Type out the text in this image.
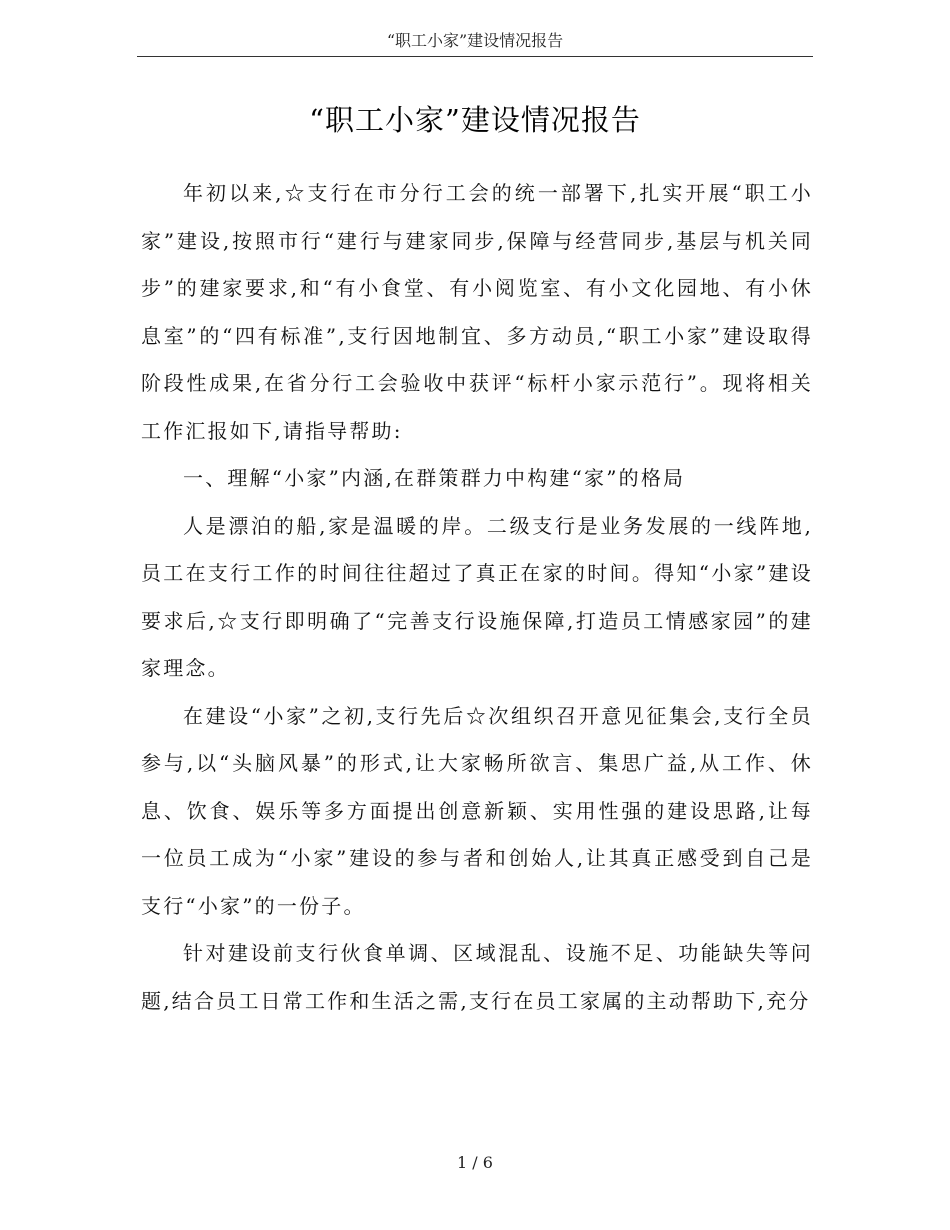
“职工小家”建设情况报告
“职工小家”建设情况报告

年初以来,☆支行在市分行工会的统一部署下,扎实开展“职工小家”建设,按照市行“建行与建家同步,保障与经营同步,基层与机关同步”的建家要求,和“有小食堂、有小阅览室、有小文化园地、有小休息室”的“四有标准”,支行因地制宜、多方动员,“职工小家”建设取得阶段性成果,在省分行工会验收中获评“标杆小家示范行”。现将相关工作汇报如下,请指导帮助:

一、理解“小家”内涵,在群策群力中构建“家”的格局

人是漂泊的船,家是温暖的岸。二级支行是业务发展的一线阵地,员工在支行工作的时间往往超过了真正在家的时间。得知“小家”建设要求后,☆支行即明确了“完善支行设施保障,打造员工情感家园”的建家理念。

在建设“小家”之初,支行先后☆次组织召开意见征集会,支行全员参与,以“头脑风暴”的形式,让大家畅所欲言、集思广益,从工作、休息、饮食、娱乐等多方面提出创意新颖、实用性强的建设思路,让每一位员工成为“小家”建设的参与者和创始人,让其真正感受到自己是支行“小家”的一份子。

针对建设前支行伙食单调、区域混乱、设施不足、功能缺失等问题,结合员工日常工作和生活之需,支行在员工家属的主动帮助下,充分

1 / 6
